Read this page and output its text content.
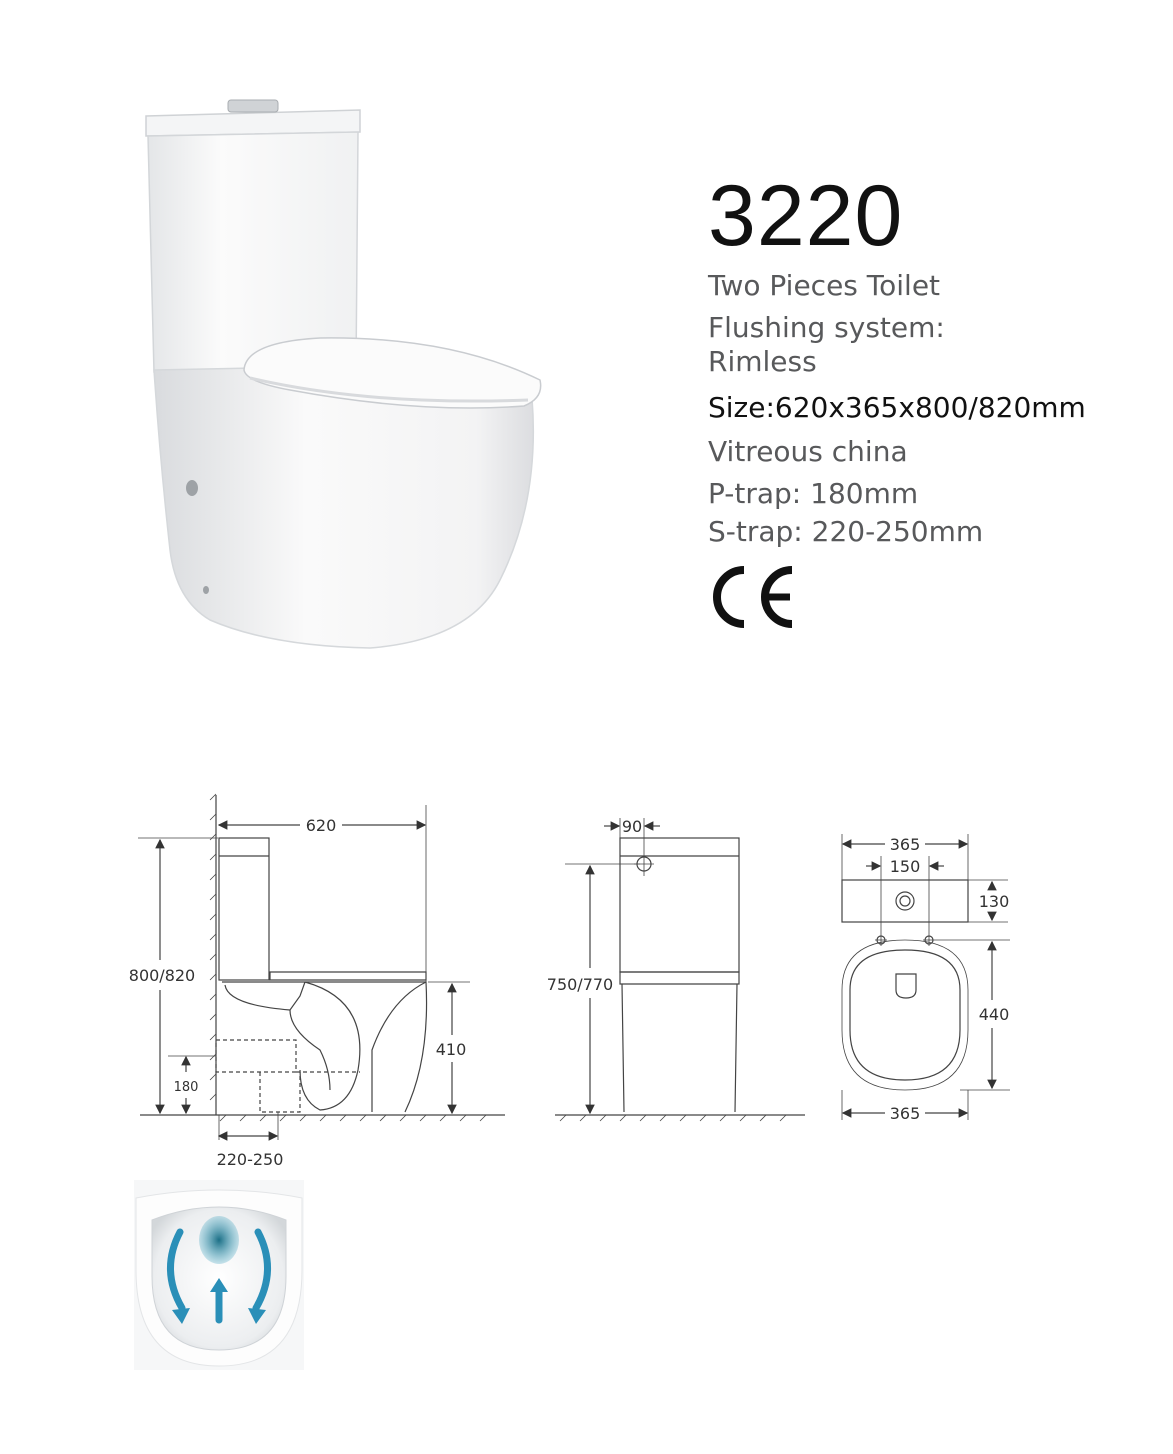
3220
Two Pieces Toilet
Flushing system:
Rimless
Size:620x365x800/820mm
Vitreous china
P-trap: 180mm
S-trap: 220-250mm
620
800/820
180
410
220-250
90
750/770
365
150
130
440
365
